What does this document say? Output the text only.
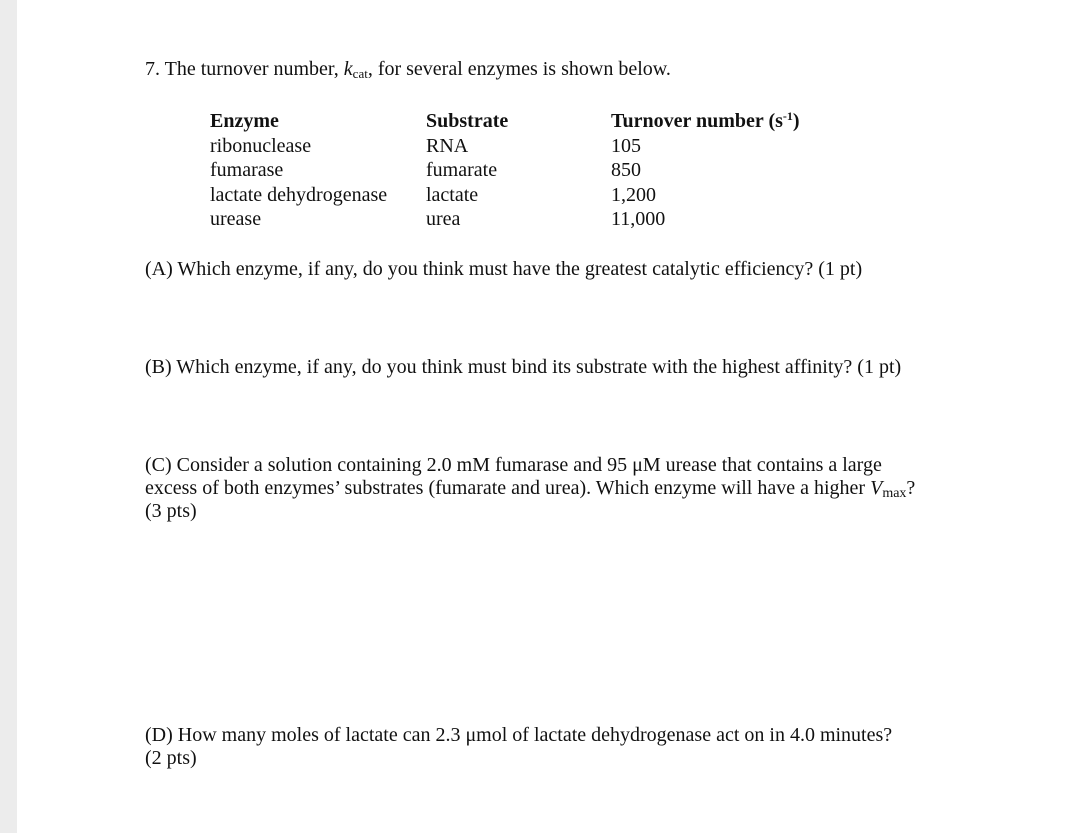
7. The turnover number, $k_{cat}$, for several enzymes is shown below.
Enzyme
ribonuclease
fumarase
lactate dehydrogenase
urease
Substrate
RNA
fumarate
lactate
urea
Turnover number $(s^{-1})$
105
850
1,200
11,000
(A) Which enzyme, if any, do you think must have the greatest catalytic efficiency? (1 pt)
(B) Which enzyme, if any, do you think must bind its substrate with the highest affinity? (1 pt)
(C) Consider a solution containing 2.0 mM fumarase and 95 μM urease that contains a large
excess of both enzymes’ substrates (fumarate and urea). Which enzyme will have a higher $V_{max}$?
(3 pts)
(D) How many moles of lactate can 2.3 μmol of lactate dehydrogenase act on in 4.0 minutes?
(2 pts)
